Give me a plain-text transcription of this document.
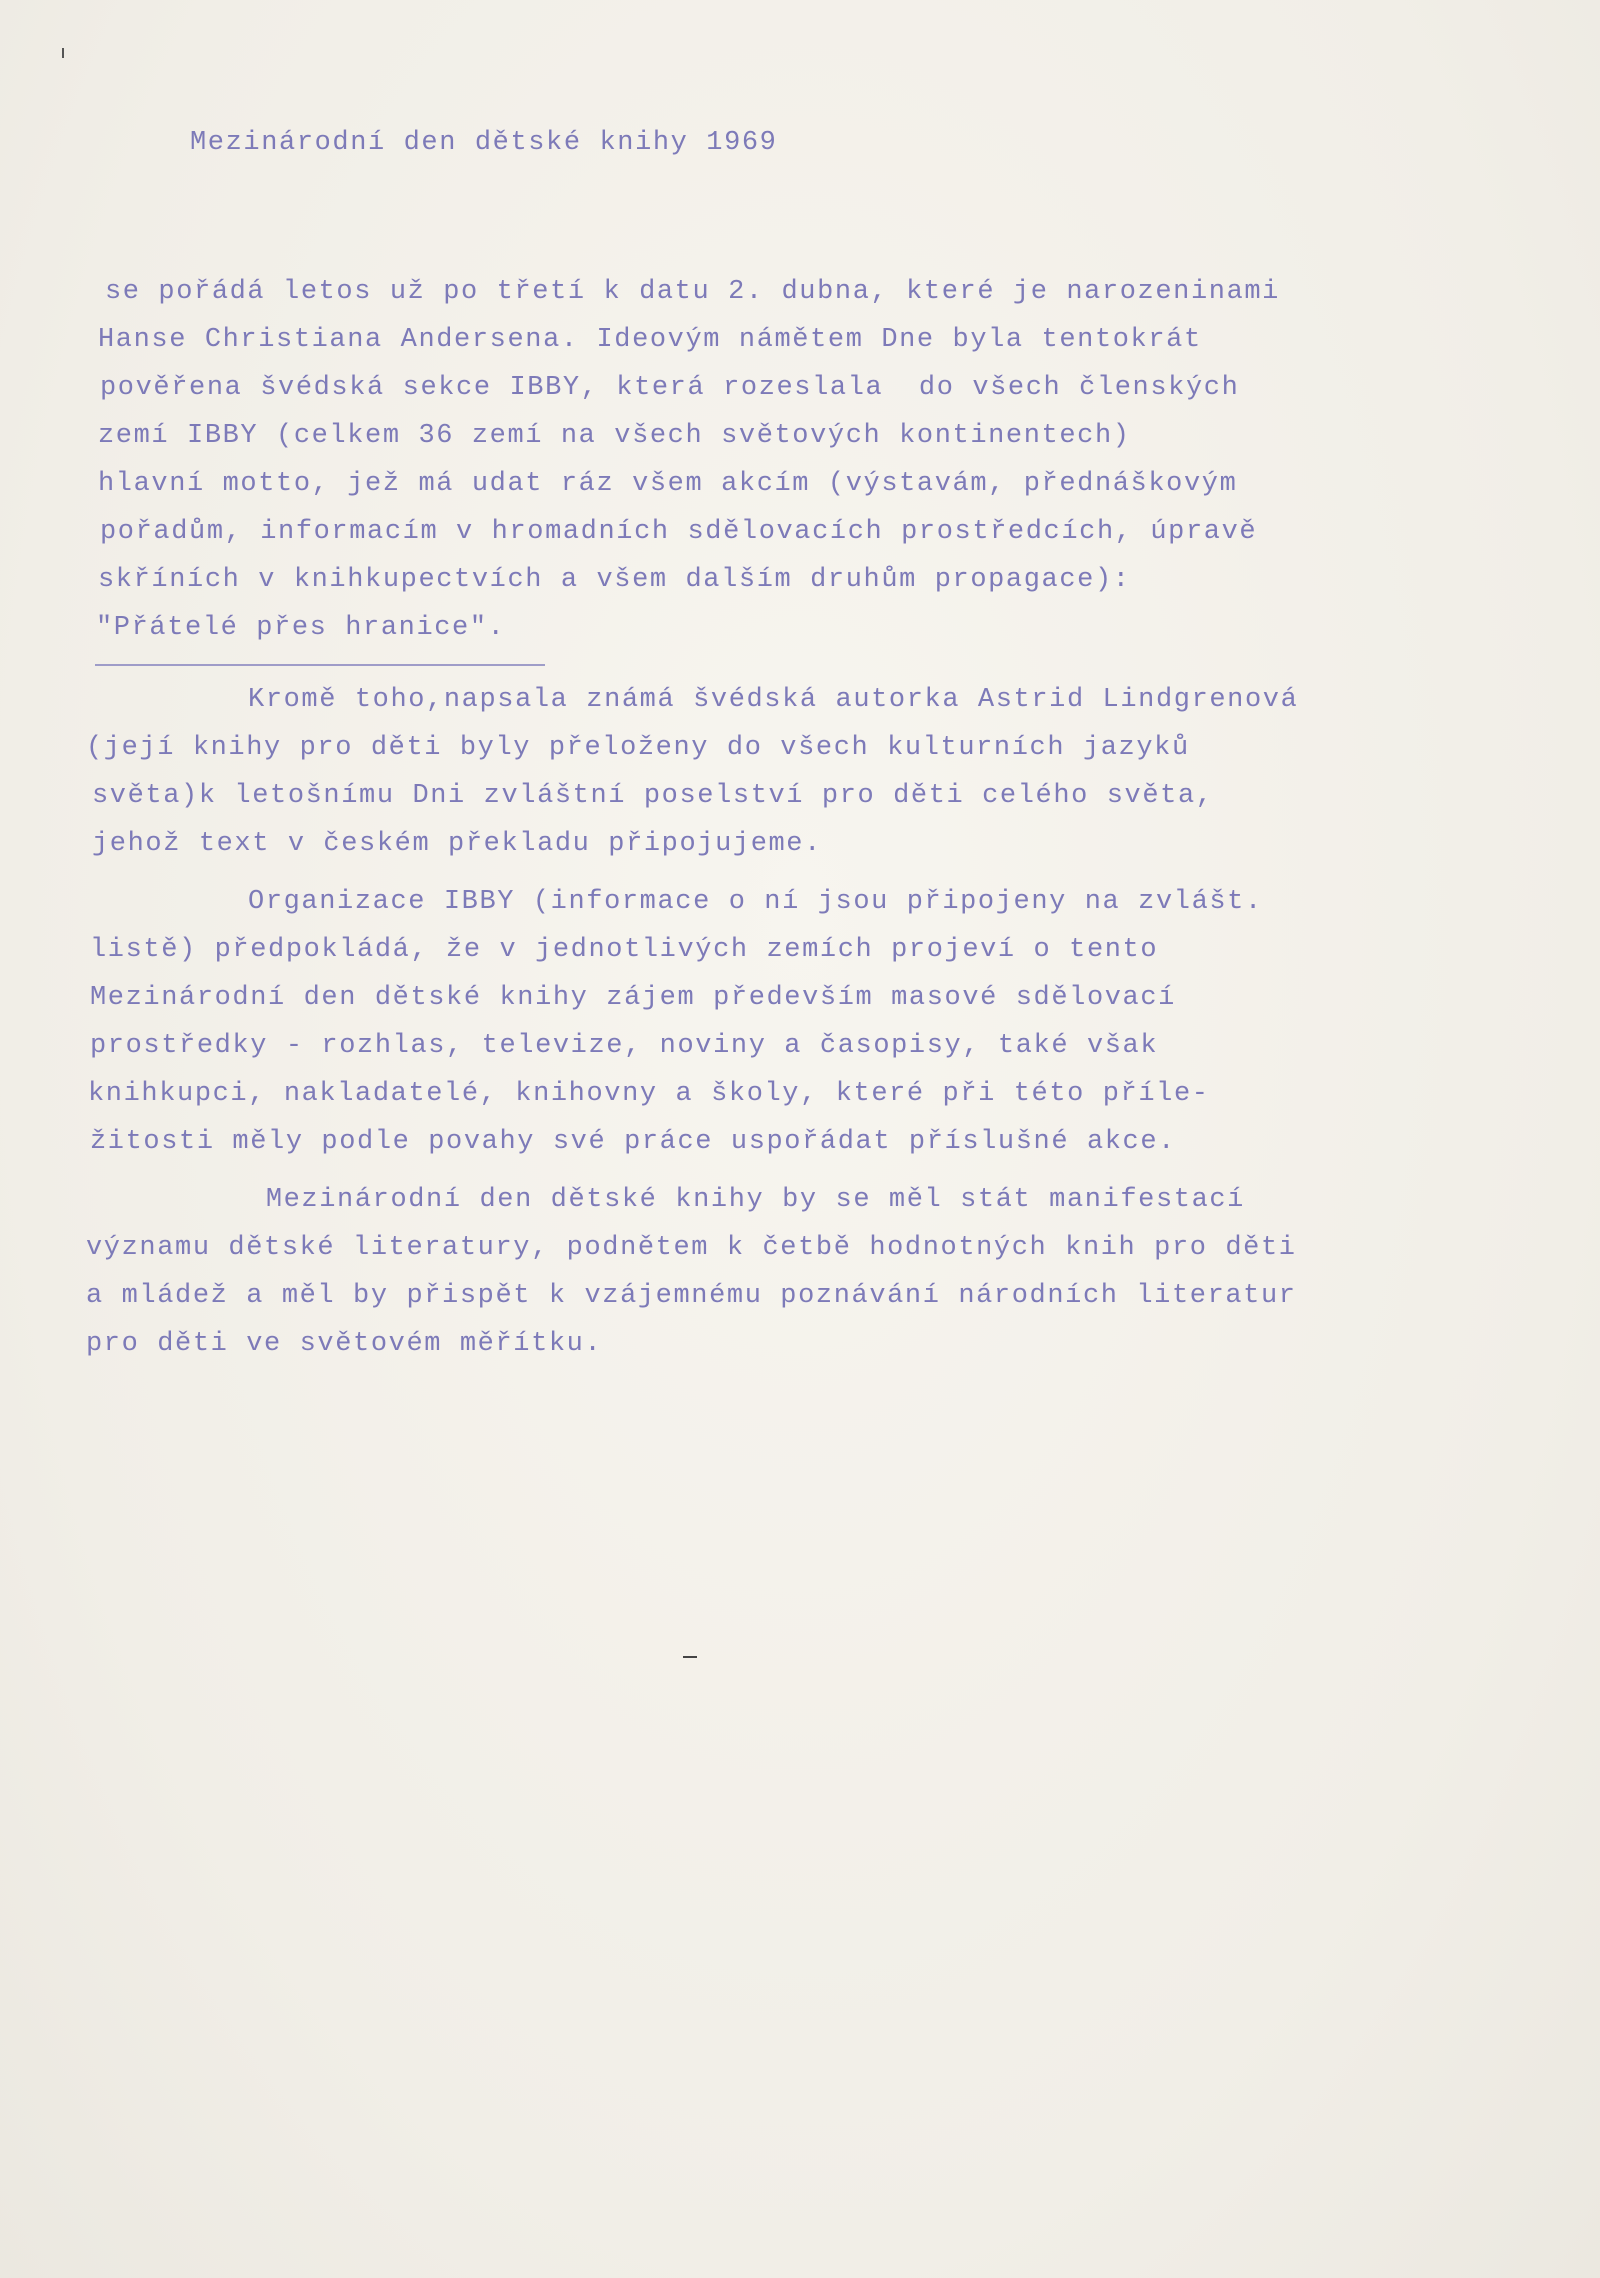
Mezinárodní den dětské knihy 1969
se pořádá letos už po třetí k datu 2. dubna, které je narozeninami
Hanse Christiana Andersena. Ideovým námětem Dne byla tentokrát
pověřena švédská sekce IBBY, která rozeslala  do všech členských
zemí IBBY (celkem 36 zemí na všech světových kontinentech)
hlavní motto, jež má udat ráz všem akcím (výstavám, přednáškovým
pořadům, informacím v hromadních sdělovacích prostředcích, úpravě
skříních v knihkupectvích a všem dalším druhům propagace):
"Přátelé přes hranice".
Kromě toho,napsala známá švédská autorka Astrid Lindgrenová
(její knihy pro děti byly přeloženy do všech kulturních jazyků
světa)k letošnímu Dni zvláštní poselství pro děti celého světa,
jehož text v českém překladu připojujeme.
Organizace IBBY (informace o ní jsou připojeny na zvlášt.
listě) předpokládá, že v jednotlivých zemích projeví o tento
Mezinárodní den dětské knihy zájem především masové sdělovací
prostředky - rozhlas, televize, noviny a časopisy, také však
knihkupci, nakladatelé, knihovny a školy, které při této příle-
žitosti měly podle povahy své práce uspořádat příslušné akce.
Mezinárodní den dětské knihy by se měl stát manifestací
významu dětské literatury, podnětem k četbě hodnotných knih pro děti
a mládež a měl by přispět k vzájemnému poznávání národních literatur
pro děti ve světovém měřítku.
